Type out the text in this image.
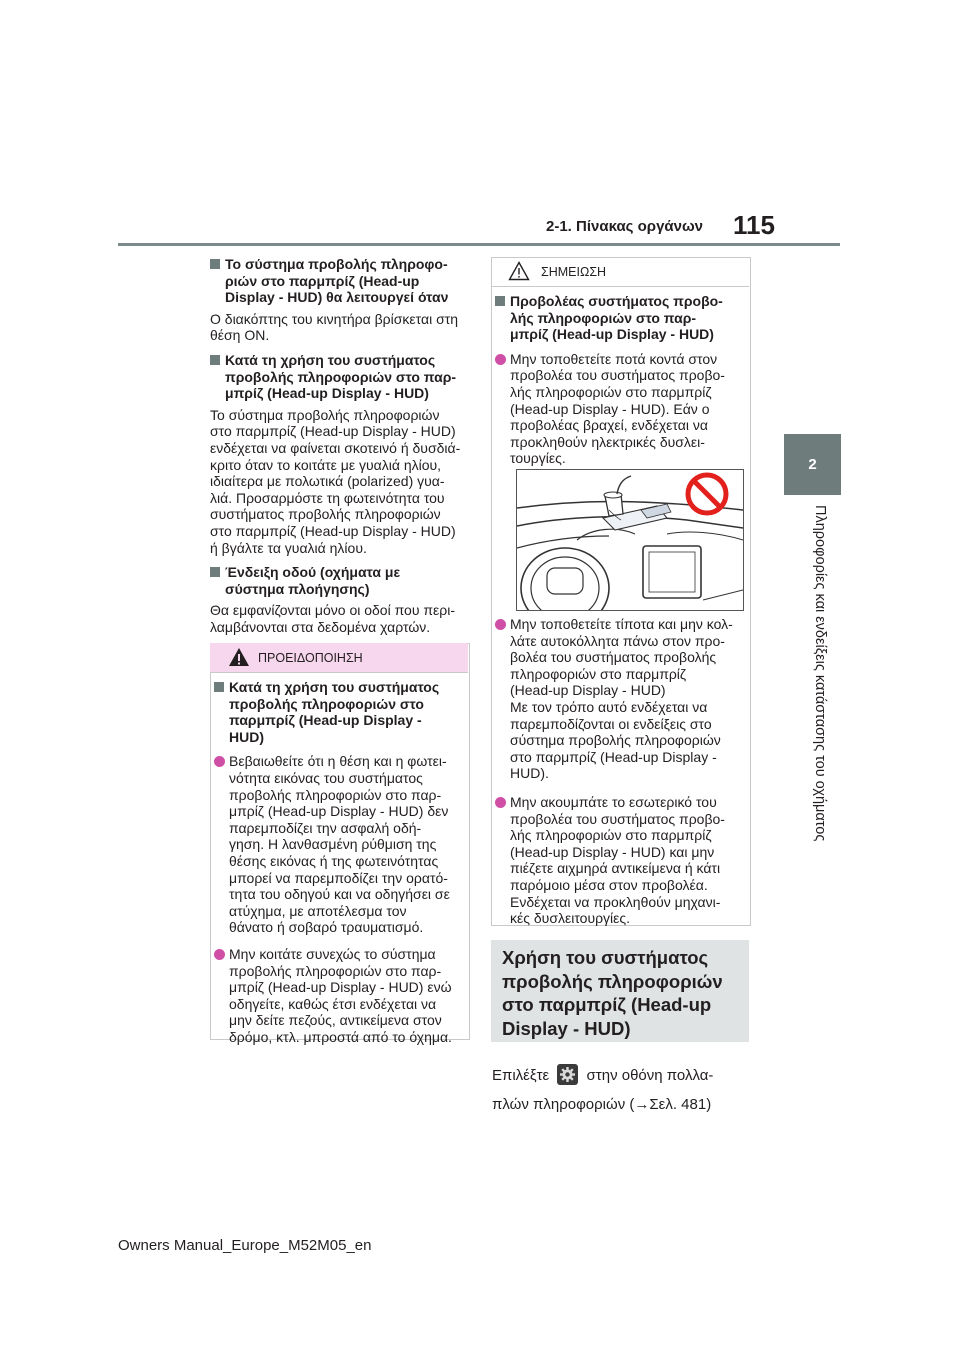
2-1. Πίνακας οργάνων 115
2
Πληροφορίες και ενδείξεις κατάστασης του οχήματος
Το σύστημα προβολής πληροφο-
ριών στο παρμπρίζ (Head-up
Display - HUD) θα λειτουργεί όταν
Ο διακόπτης του κινητήρα βρίσκεται στη
θέση ON.
Κατά τη χρήση του συστήματος
προβολής πληροφοριών στο παρ-
μπρίζ (Head-up Display - HUD)
Το σύστημα προβολής πληροφοριών
στο παρμπρίζ (Head-up Display - HUD)
ενδέχεται να φαίνεται σκοτεινό ή δυσδιά-
κριτο όταν το κοιτάτε με γυαλιά ηλίου,
ιδιαίτερα με πολωτικά (polarized) γυα-
λιά. Προσαρμόστε τη φωτεινότητα του
συστήματος προβολής πληροφοριών
στο παρμπρίζ (Head-up Display - HUD)
ή βγάλτε τα γυαλιά ηλίου.
Ένδειξη οδού (οχήματα με
σύστημα πλοήγησης)
Θα εμφανίζονται μόνο οι οδοί που περι-
λαμβάνονται στα δεδομένα χαρτών.
ΠΡΟΕΙΔΟΠΟΙΗΣΗ
Κατά τη χρήση του συστήματος
προβολής πληροφοριών στο
παρμπρίζ (Head-up Display -
HUD)
Βεβαιωθείτε ότι η θέση και η φωτει-
νότητα εικόνας του συστήματος
προβολής πληροφοριών στο παρ-
μπρίζ (Head-up Display - HUD) δεν
παρεμποδίζει την ασφαλή οδή-
γηση. Η λανθασμένη ρύθμιση της
θέσης εικόνας ή της φωτεινότητας
μπορεί να παρεμποδίζει την ορατό-
τητα του οδηγού και να οδηγήσει σε
ατύχημα, με αποτέλεσμα τον
θάνατο ή σοβαρό τραυματισμό.
Μην κοιτάτε συνεχώς το σύστημα
προβολής πληροφοριών στο παρ-
μπρίζ (Head-up Display - HUD) ενώ
οδηγείτε, καθώς έτσι ενδέχεται να
μην δείτε πεζούς, αντικείμενα στον
δρόμο, κτλ. μπροστά από το όχημα.
ΣΗΜΕΙΩΣΗ
Προβολέας συστήματος προβο-
λής πληροφοριών στο παρ-
μπρίζ (Head-up Display - HUD)
Μην τοποθετείτε ποτά κοντά στον
προβολέα του συστήματος προβο-
λής πληροφοριών στο παρμπρίζ
(Head-up Display - HUD). Εάν ο
προβολέας βραχεί, ενδέχεται να
προκληθούν ηλεκτρικές δυσλει-
τουργίες.
Μην τοποθετείτε τίποτα και μην κολ-
λάτε αυτοκόλλητα πάνω στον προ-
βολέα του συστήματος προβολής
πληροφοριών στο παρμπρίζ
(Head-up Display - HUD)
Με τον τρόπο αυτό ενδέχεται να
παρεμποδίζονται οι ενδείξεις στο
σύστημα προβολής πληροφοριών
στο παρμπρίζ (Head-up Display -
HUD).
Μην ακουμπάτε το εσωτερικό του
προβολέα του συστήματος προβο-
λής πληροφοριών στο παρμπρίζ
(Head-up Display - HUD) και μην
πιέζετε αιχμηρά αντικείμενα ή κάτι
παρόμοιο μέσα στον προβολέα.
Ενδέχεται να προκληθούν μηχανι-
κές δυσλειτουργίες.
Χρήση του συστήματος
προβολής πληροφοριών
στο παρμπρίζ (Head-up
Display - HUD)
Επιλέξτε στην οθόνη πολλα-
πλών πληροφοριών (→Σελ. 481)
Owners Manual_Europe_M52M05_en
